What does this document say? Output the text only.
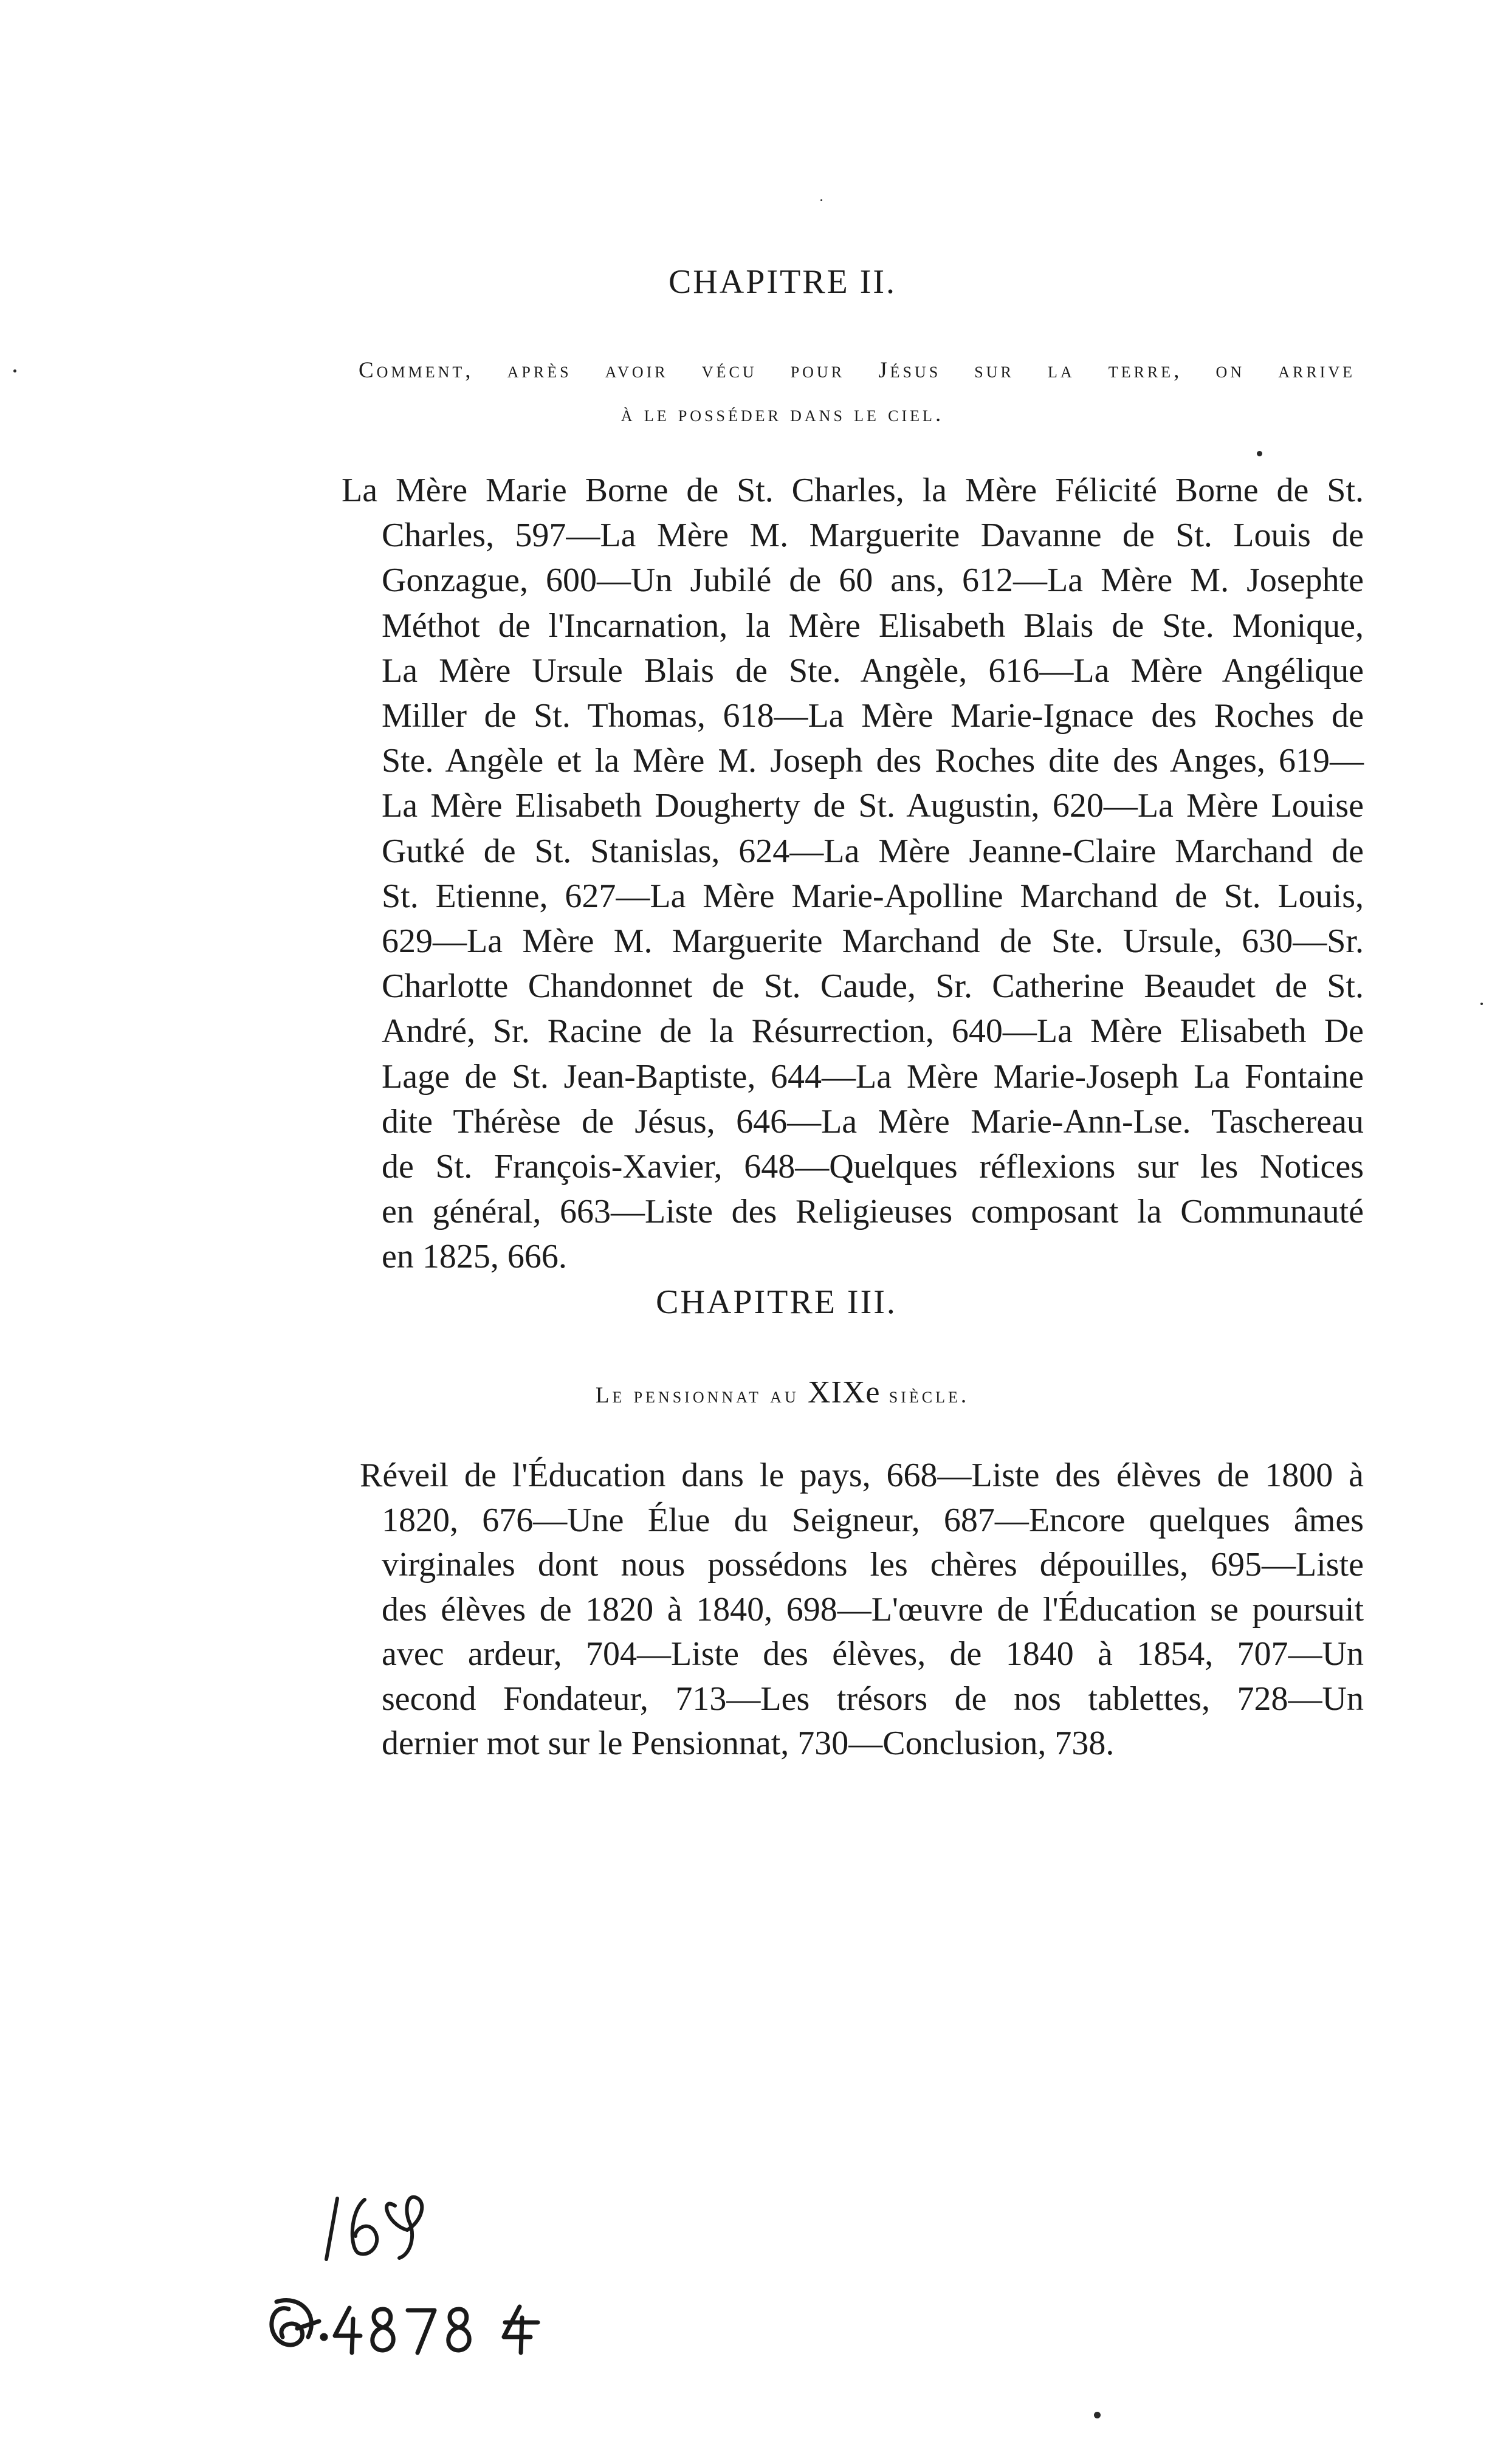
CHAPITRE II.
Comment, après avoir vécu pour Jésus sur la terre, on arrive
à le posséder dans le ciel.
La Mère Marie Borne de St. Charles, la Mère Félicité Borne de St.
Charles, 597—La Mère M. Marguerite Davanne de St. Louis de
Gonzague, 600—Un Jubilé de 60 ans, 612—La Mère M. Josephte
Méthot de l'Incarnation, la Mère Elisabeth Blais de Ste. Monique,
La Mère Ursule Blais de Ste. Angèle, 616—La Mère Angélique
Miller de St. Thomas, 618—La Mère Marie-Ignace des Roches de
Ste. Angèle et la Mère M. Joseph des Roches dite des Anges, 619—
La Mère Elisabeth Dougherty de St. Augustin, 620—La Mère Louise
Gutké de St. Stanislas, 624—La Mère Jeanne-Claire Marchand de
St. Etienne, 627—La Mère Marie-Apolline Marchand de St. Louis,
629—La Mère M. Marguerite Marchand de Ste. Ursule, 630—Sr.
Charlotte Chandonnet de St. Caude, Sr. Catherine Beaudet de St.
André, Sr. Racine de la Résurrection, 640—La Mère Elisabeth De
Lage de St. Jean-Baptiste, 644—La Mère Marie-Joseph La Fontaine
dite Thérèse de Jésus, 646—La Mère Marie-Ann-Lse. Taschereau
de St. François-Xavier, 648—Quelques réflexions sur les Notices
en général, 663—Liste des Religieuses composant la Communauté
en 1825, 666.
CHAPITRE III.
Le pensionnat au XIXe siècle.
Réveil de l'Éducation dans le pays, 668—Liste des élèves de 1800 à
1820, 676—Une Élue du Seigneur, 687—Encore quelques âmes
virginales dont nous possédons les chères dépouilles, 695—Liste
des élèves de 1820 à 1840, 698—L'œuvre de l'Éducation se poursuit
avec ardeur, 704—Liste des élèves, de 1840 à 1854, 707—Un
second Fondateur, 713—Les trésors de nos tablettes, 728—Un
dernier mot sur le Pensionnat, 730—Conclusion, 738.
